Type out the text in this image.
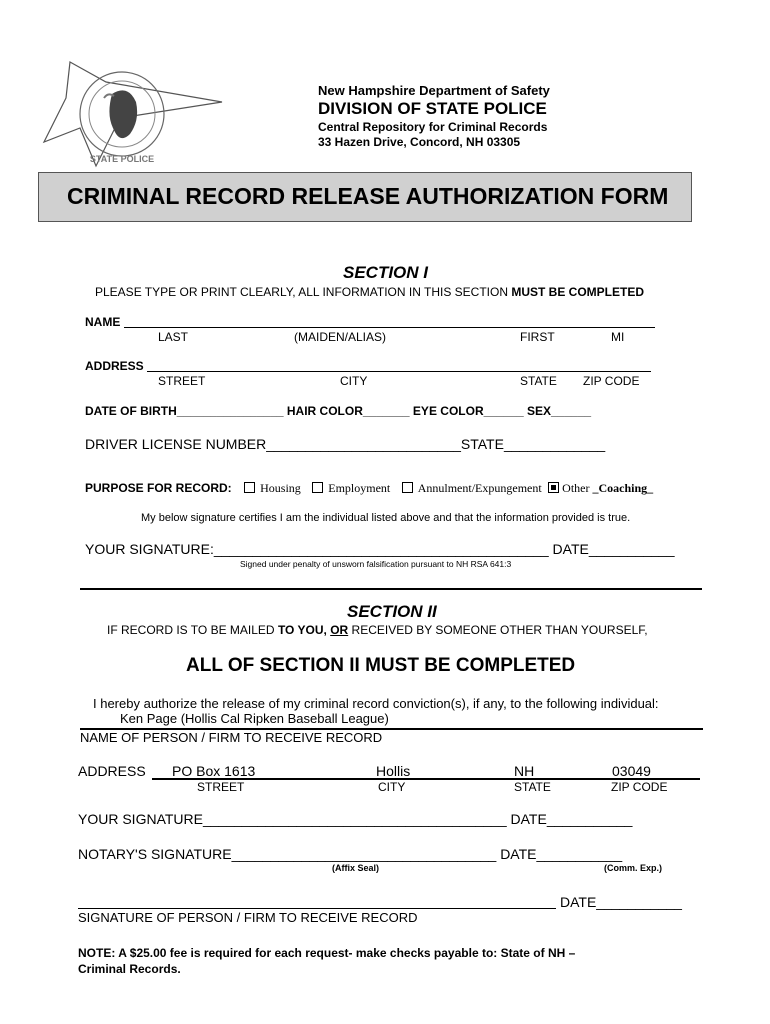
STATE POLICE
New Hampshire Department of Safety
DIVISION OF STATE POLICE
Central Repository for Criminal Records
33 Hazen Drive, Concord, NH 03305
CRIMINAL RECORD RELEASE AUTHORIZATION FORM
SECTION I
PLEASE TYPE OR PRINT CLEARLY, ALL INFORMATION IN THIS SECTION MUST BE COMPLETED
NAME
LAST	(MAIDEN/ALIAS)	FIRST	MI
ADDRESS
STREET	CITY	STATE ZIP CODE
DATE OF BIRTH________________ HAIR COLOR_______ EYE COLOR______ SEX______
DRIVER LICENSE NUMBER_________________________STATE_____________
PURPOSE FOR RECORD: Housing Employment Annulment/Expungement Other _Coaching_
My below signature certifies I am the individual listed above and that the information provided is true.
YOUR SIGNATURE:___________________________________________ DATE___________
Signed under penalty of unsworn falsification pursuant to NH RSA 641:3
SECTION II
IF RECORD IS TO BE MAILED TO YOU, OR RECEIVED BY SOMEONE OTHER THAN YOURSELF,
ALL OF SECTION II MUST BE COMPLETED
I hereby authorize the release of my criminal record conviction(s), if any, to the following individual:
Ken Page (Hollis Cal Ripken Baseball League)
NAME OF PERSON / FIRM TO RECEIVE RECORD
ADDRESS PO Box 1613	Hollis	NH	03049
STREET	CITY	STATE	ZIP CODE
YOUR SIGNATURE_______________________________________ DATE___________
NOTARY'S SIGNATURE__________________________________ DATE___________
(Affix Seal)	(Comm. Exp.)
DATE___________
SIGNATURE OF PERSON / FIRM TO RECEIVE RECORD
NOTE: A $25.00 fee is required for each request- make checks payable to: State of NH –
Criminal Records.
